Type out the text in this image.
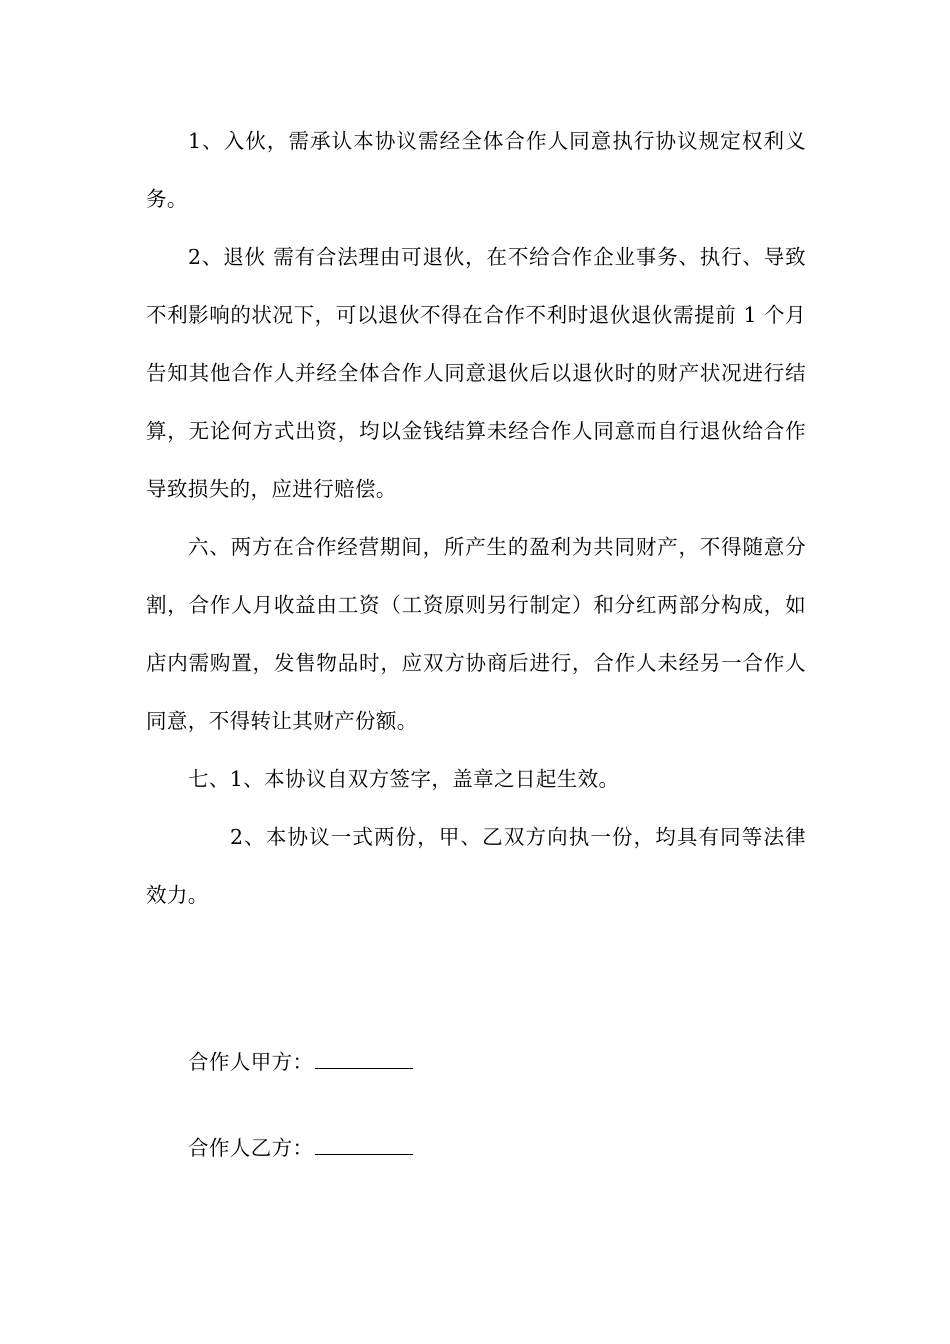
1、入伙，需承认本协议需经全体合作人同意执行协议规定权利义务。

2、退伙 需有合法理由可退伙，在不给合作企业事务、执行、导致不利影响的状况下，可以退伙不得在合作不利时退伙退伙需提前 1 个月告知其他合作人并经全体合作人同意退伙后以退伙时的财产状况进行结算，无论何方式出资，均以金钱结算未经合作人同意而自行退伙给合作导致损失的，应进行赔偿。

六、两方在合作经营期间，所产生的盈利为共同财产，不得随意分割，合作人月收益由工资（工资原则另行制定）和分红两部分构成，如店内需购置，发售物品时，应双方协商后进行，合作人未经另一合作人同意，不得转让其财产份额。

七、1、本协议自双方签字，盖章之日起生效。

2、本协议一式两份，甲、乙双方向执一份，均具有同等法律效力。

合作人甲方：
合作人乙方：
